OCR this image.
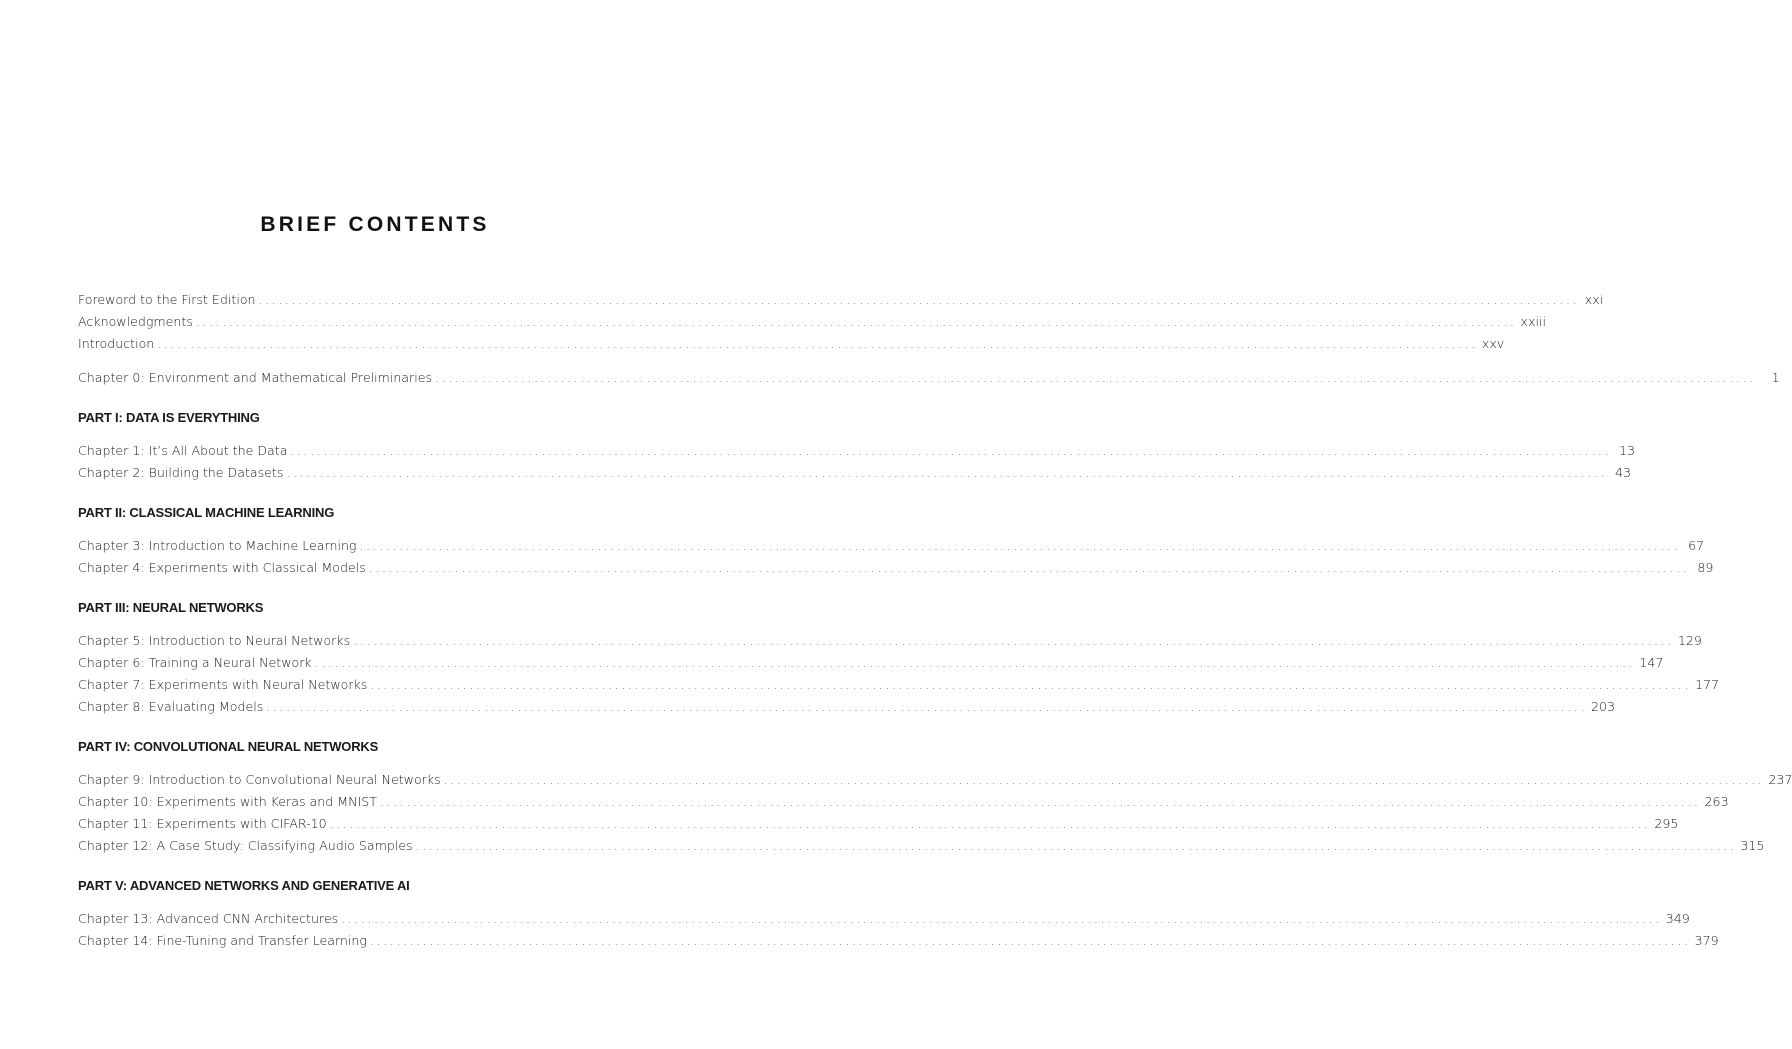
BRIEF CONTENTS
Foreword to the First Edition ........................................................................................................................................................................................................ xxi
Acknowledgments ........................................................................................................................................................................................................ xxiii
Introduction ........................................................................................................................................................................................................ xxv
Chapter 0: Environment and Mathematical Preliminaries ........................................................................................................................................................................................................	1
PART I: DATA IS EVERYTHING
Chapter 1: It’s All About the Data ........................................................................................................................................................................................................ 13
Chapter 2: Building the Datasets ........................................................................................................................................................................................................ 43
PART II: CLASSICAL MACHINE LEARNING
Chapter 3: Introduction to Machine Learning ........................................................................................................................................................................................................ 67
Chapter 4: Experiments with Classical Models ........................................................................................................................................................................................................ 89
PART III: NEURAL NETWORKS
Chapter 5: Introduction to Neural Networks ........................................................................................................................................................................................................ 129
Chapter 6: Training a Neural Network ........................................................................................................................................................................................................ 147
Chapter 7: Experiments with Neural Networks ........................................................................................................................................................................................................ 177
Chapter 8: Evaluating Models ........................................................................................................................................................................................................ 203
PART IV: CONVOLUTIONAL NEURAL NETWORKS
Chapter 9: Introduction to Convolutional Neural Networks ........................................................................................................................................................................................................ 237
Chapter 10: Experiments with Keras and MNIST ........................................................................................................................................................................................................ 263
Chapter 11: Experiments with CIFAR-10 ........................................................................................................................................................................................................ 295
Chapter 12: A Case Study: Classifying Audio Samples ........................................................................................................................................................................................................ 315
PART V: ADVANCED NETWORKS AND GENERATIVE AI
Chapter 13: Advanced CNN Architectures ........................................................................................................................................................................................................ 349
Chapter 14: Fine-Tuning and Transfer Learning ........................................................................................................................................................................................................ 379
